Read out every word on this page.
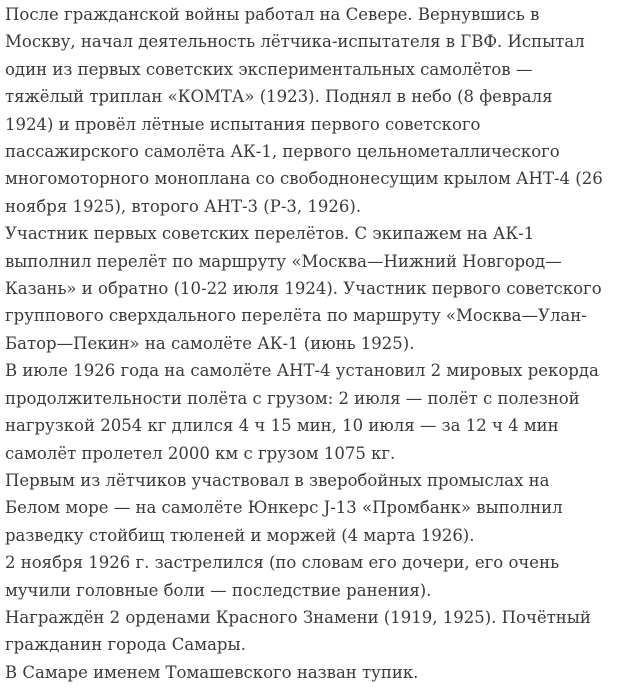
После гражданской войны работал на Севере. Вернувшись в Москву, начал деятельность лётчика-испытателя в ГВФ. Испытал один из первых советских экспериментальных самолётов — тяжёлый триплан «КОМТА» (1923). Поднял в небо (8 февраля 1924) и провёл лётные испытания первого советского пассажирского самолёта АК-1, первого цельнометаллического многомоторного моноплана со свободнонесущим крылом АНТ-4 (26 ноября 1925), второго АНТ-3 (Р-3, 1926).

Участник первых советских перелётов. С экипажем на АК-1 выполнил перелёт по маршруту «Москва—Нижний Новгород—Казань» и обратно (10-22 июля 1924). Участник первого советского группового сверхдального перелёта по маршруту «Москва—Улан-Батор—Пекин» на самолёте АК-1 (июнь 1925).

В июле 1926 года на самолёте АНТ-4 установил 2 мировых рекорда продолжительности полёта с грузом: 2 июля — полёт с полезной нагрузкой 2054 кг длился 4 ч 15 мин, 10 июля — за 12 ч 4 мин самолёт пролетел 2000 км с грузом 1075 кг.

Первым из лётчиков участвовал в зверобойных промыслах на Белом море — на самолёте Юнкерс J-13 «Промбанк» выполнил разведку стойбищ тюленей и моржей (4 марта 1926).

2 ноября 1926 г. застрелился (по словам его дочери, его очень мучили головные боли — последствие ранения).

Награждён 2 орденами Красного Знамени (1919, 1925). Почётный гражданин города Самары.

В Самаре именем Томашевского назван тупик.
